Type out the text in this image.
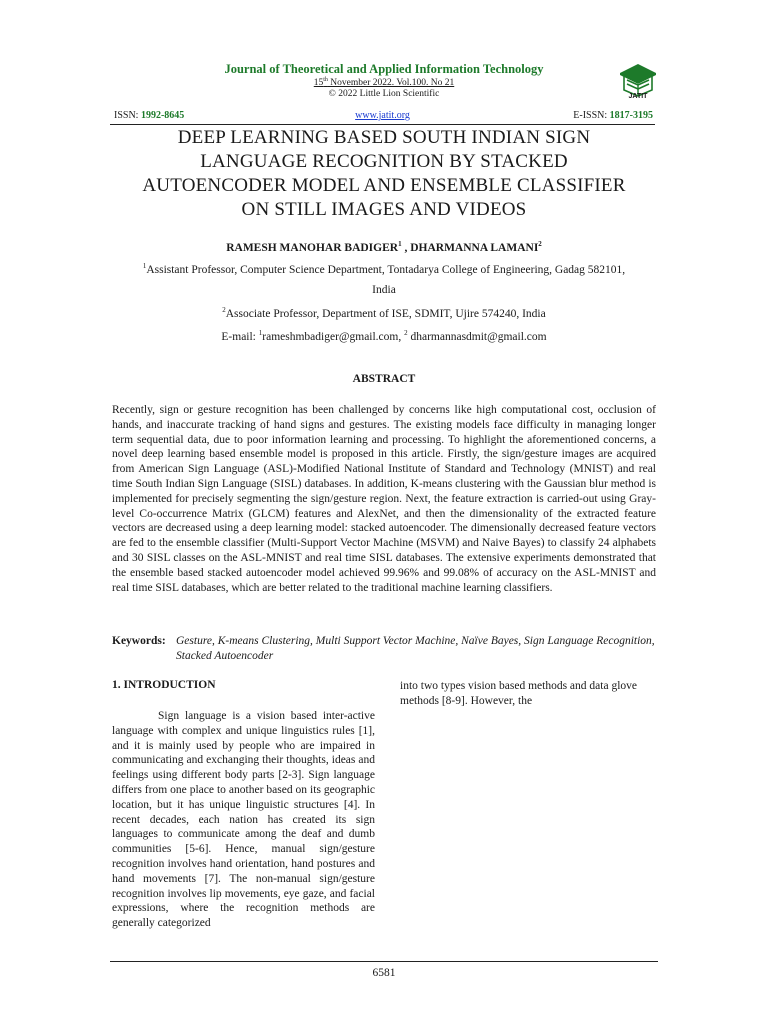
Journal of Theoretical and Applied Information Technology
15th November 2022. Vol.100. No 21
© 2022 Little Lion Scientific	JATIT
ISSN: 1992-8645	www.jatit.org	E-ISSN: 1817-3195
DEEP LEARNING BASED SOUTH INDIAN SIGN LANGUAGE RECOGNITION BY STACKED AUTOENCODER MODEL AND ENSEMBLE CLASSIFIER ON STILL IMAGES AND VIDEOS
RAMESH MANOHAR BADIGER$^1$ , DHARMANNA LAMANI$^2$
$^1$Assistant Professor, Computer Science Department, Tontadarya College of Engineering, Gadag 582101,
India
$^2$Associate Professor, Department of ISE, SDMIT, Ujire 574240, India
E-mail: $^1$rameshmbadiger@gmail.com, $^2$ dharmannasdmit@gmail.com
ABSTRACT
Recently, sign or gesture recognition has been challenged by concerns like high computational cost, occlusion of hands, and inaccurate tracking of hand signs and gestures. The existing models face difficulty in managing longer term sequential data, due to poor information learning and processing. To highlight the aforementioned concerns, a novel deep learning based ensemble model is proposed in this article. Firstly, the sign/gesture images are acquired from American Sign Language (ASL)-Modified National Institute of Standard and Technology (MNIST) and real time South Indian Sign Language (SISL) databases. In addition, K-means clustering with the Gaussian blur method is implemented for precisely segmenting the sign/gesture region. Next, the feature extraction is carried-out using Gray-level Co-occurrence Matrix (GLCM) features and AlexNet, and then the dimensionality of the extracted feature vectors are decreased using a deep learning model: stacked autoencoder. The dimensionally decreased feature vectors are fed to the ensemble classifier (Multi-Support Vector Machine (MSVM) and Naive Bayes) to classify 24 alphabets and 30 SISL classes on the ASL-MNIST and real time SISL databases. The extensive experiments demonstrated that the ensemble based stacked autoencoder model achieved 99.96% and 99.08% of accuracy on the ASL-MNIST and real time SISL databases, which are better related to the traditional machine learning classifiers.
Keywords: Gesture, K-means Clustering, Multi Support Vector Machine, Naïve Bayes, Sign Language Recognition, Stacked Autoencoder
1. INTRODUCTION
Sign language is a vision based inter-active language with complex and unique linguistics rules [1], and it is mainly used by people who are impaired in communicating and exchanging their thoughts, ideas and feelings using different body parts [2-3]. Sign language differs from one place to another based on its geographic location, but it has unique linguistic structures [4]. In recent decades, each nation has created its sign languages to communicate among the deaf and dumb communities [5-6]. Hence, manual sign/gesture recognition involves hand orientation, hand postures and hand movements [7]. The non-manual sign/gesture recognition involves lip movements, eye gaze, and facial expressions, where the recognition methods are generally categorized
into two types vision based methods and data glove methods [8-9]. However, the
6581
